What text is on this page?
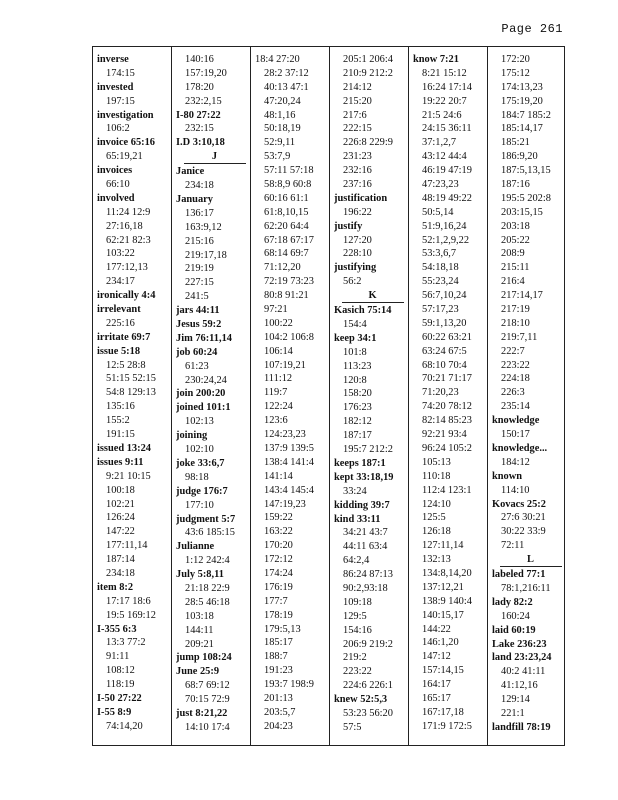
Page 261
inverse
174:15
invested
197:15
investigation
106:2
invoice 65:16
65:19,21
invoices
66:10
involved
11:24 12:9
27:16,18
62:21 82:3
103:22
177:12,13
234:17
ironically 4:4
irrelevant
225:16
irritate 69:7
issue 5:18
12:5 28:8
51:15 52:15
54:8 129:13
135:16
155:2
191:15
issued 13:24
issues 9:11
9:21 10:15
100:18
102:21
126:24
147:22
177:11,14
187:14
234:18
item 8:2
17:17 18:6
19:5 169:12
I-355 6:3
13:3 77:2
91:11
108:12
118:19
I-50 27:22
I-55 8:9
74:14,20
140:16
157:19,20
178:20
232:2,15
I-80 27:22
232:15
I.D 3:10,18
J
Janice
234:18
January
136:17
163:9,12
215:16
219:17,18
219:19
227:15
241:5
jars 44:11
Jesus 59:2
Jim 76:11,14
job 60:24
61:23
230:24,24
join 200:20
joined 101:1
102:13
joining
102:10
joke 33:6,7
98:18
judge 176:7
177:10
judgment 5:7
43:6 185:15
Julianne
1:12 242:4
July 5:8,11
21:18 22:9
28:5 46:18
103:18
144:11
209:21
jump 108:24
June 25:9
68:7 69:12
70:15 72:9
just 8:21,22
14:10 17:4
18:4 27:20
28:2 37:12
40:13 47:1
47:20,24
48:1,16
50:18,19
52:9,11
53:7,9
57:11 57:18
58:8,9 60:8
60:16 61:1
61:8,10,15
62:20 64:4
67:18 67:17
68:14 69:7
71:12,20
72:19 73:23
80:8 91:21
97:21
100:22
104:2 106:8
106:14
107:19,21
111:12
119:7
122:24
123:6
124:23,23
137:9 139:5
138:4 141:4
141:14
143:4 145:4
147:19,23
159:22
163:22
170:20
172:12
174:24
176:19
177:7
178:19
179:5,13
185:17
188:7
191:23
193:7 198:9
201:13
203:5,7
204:23
205:1 206:4
210:9 212:2
214:12
215:20
217:6
222:15
226:8 229:9
231:23
232:16
237:16
justification
196:22
justify
127:20
228:10
justifying
56:2
K
Kasich 75:14
154:4
keep 34:1
101:8
113:23
120:8
158:20
176:23
182:12
187:17
195:7 212:2
keeps 187:1
kept 33:18,19
33:24
kidding 39:7
kind 33:11
34:21 43:7
44:11 63:4
64:2,4
86:24 87:13
90:2,93:18
109:18
129:5
154:16
206:9 219:2
219:2
223:22
224:6 226:1
knew 52:5,3
53:23 56:20
57:5
know 7:21
8:21 15:12
16:24 17:14
19:22 20:7
21:5 24:6
24:15 36:11
37:1,2,7
43:12 44:4
46:19 47:19
47:23,23
48:19 49:22
50:5,14
51:9,16,24
52:1,2,9,22
53:3,6,7
54:18,18
55:23,24
56:7,10,24
57:17,23
59:1,13,20
60:22 63:21
63:24 67:5
68:10 70:4
70:21 71:17
71:20,23
74:20 78:12
82:14 85:23
92:21 93:4
96:24 105:2
105:13
110:18
112:4 123:1
124:10
125:5
126:18
127:11,14
132:13
134:8,14,20
137:12,21
138:9 140:4
140:15,17
144:22
146:1,20
147:12
157:14,15
164:17
165:17
167:17,18
171:9 172:5
172:20
175:12
174:13,23
175:19,20
184:7 185:2
185:14,17
185:21
186:9,20
187:5,13,15
187:16
195:5 202:8
203:15,15
203:18
205:22
208:9
215:11
216:4
217:14,17
217:19
218:10
219:7,11
222:7
223:22
224:18
226:3
235:14
knowledge
150:17
knowledge...
184:12
known
114:10
Kovacs 25:2
27:6 30:21
30:22 33:9
72:11
L
labeled 77:1
78:1,216:11
lady 82:2
160:24
laid 60:19
Lake 236:23
land 23:23,24
40:2 41:11
41:12,16
129:14
221:1
landfill 78:19
